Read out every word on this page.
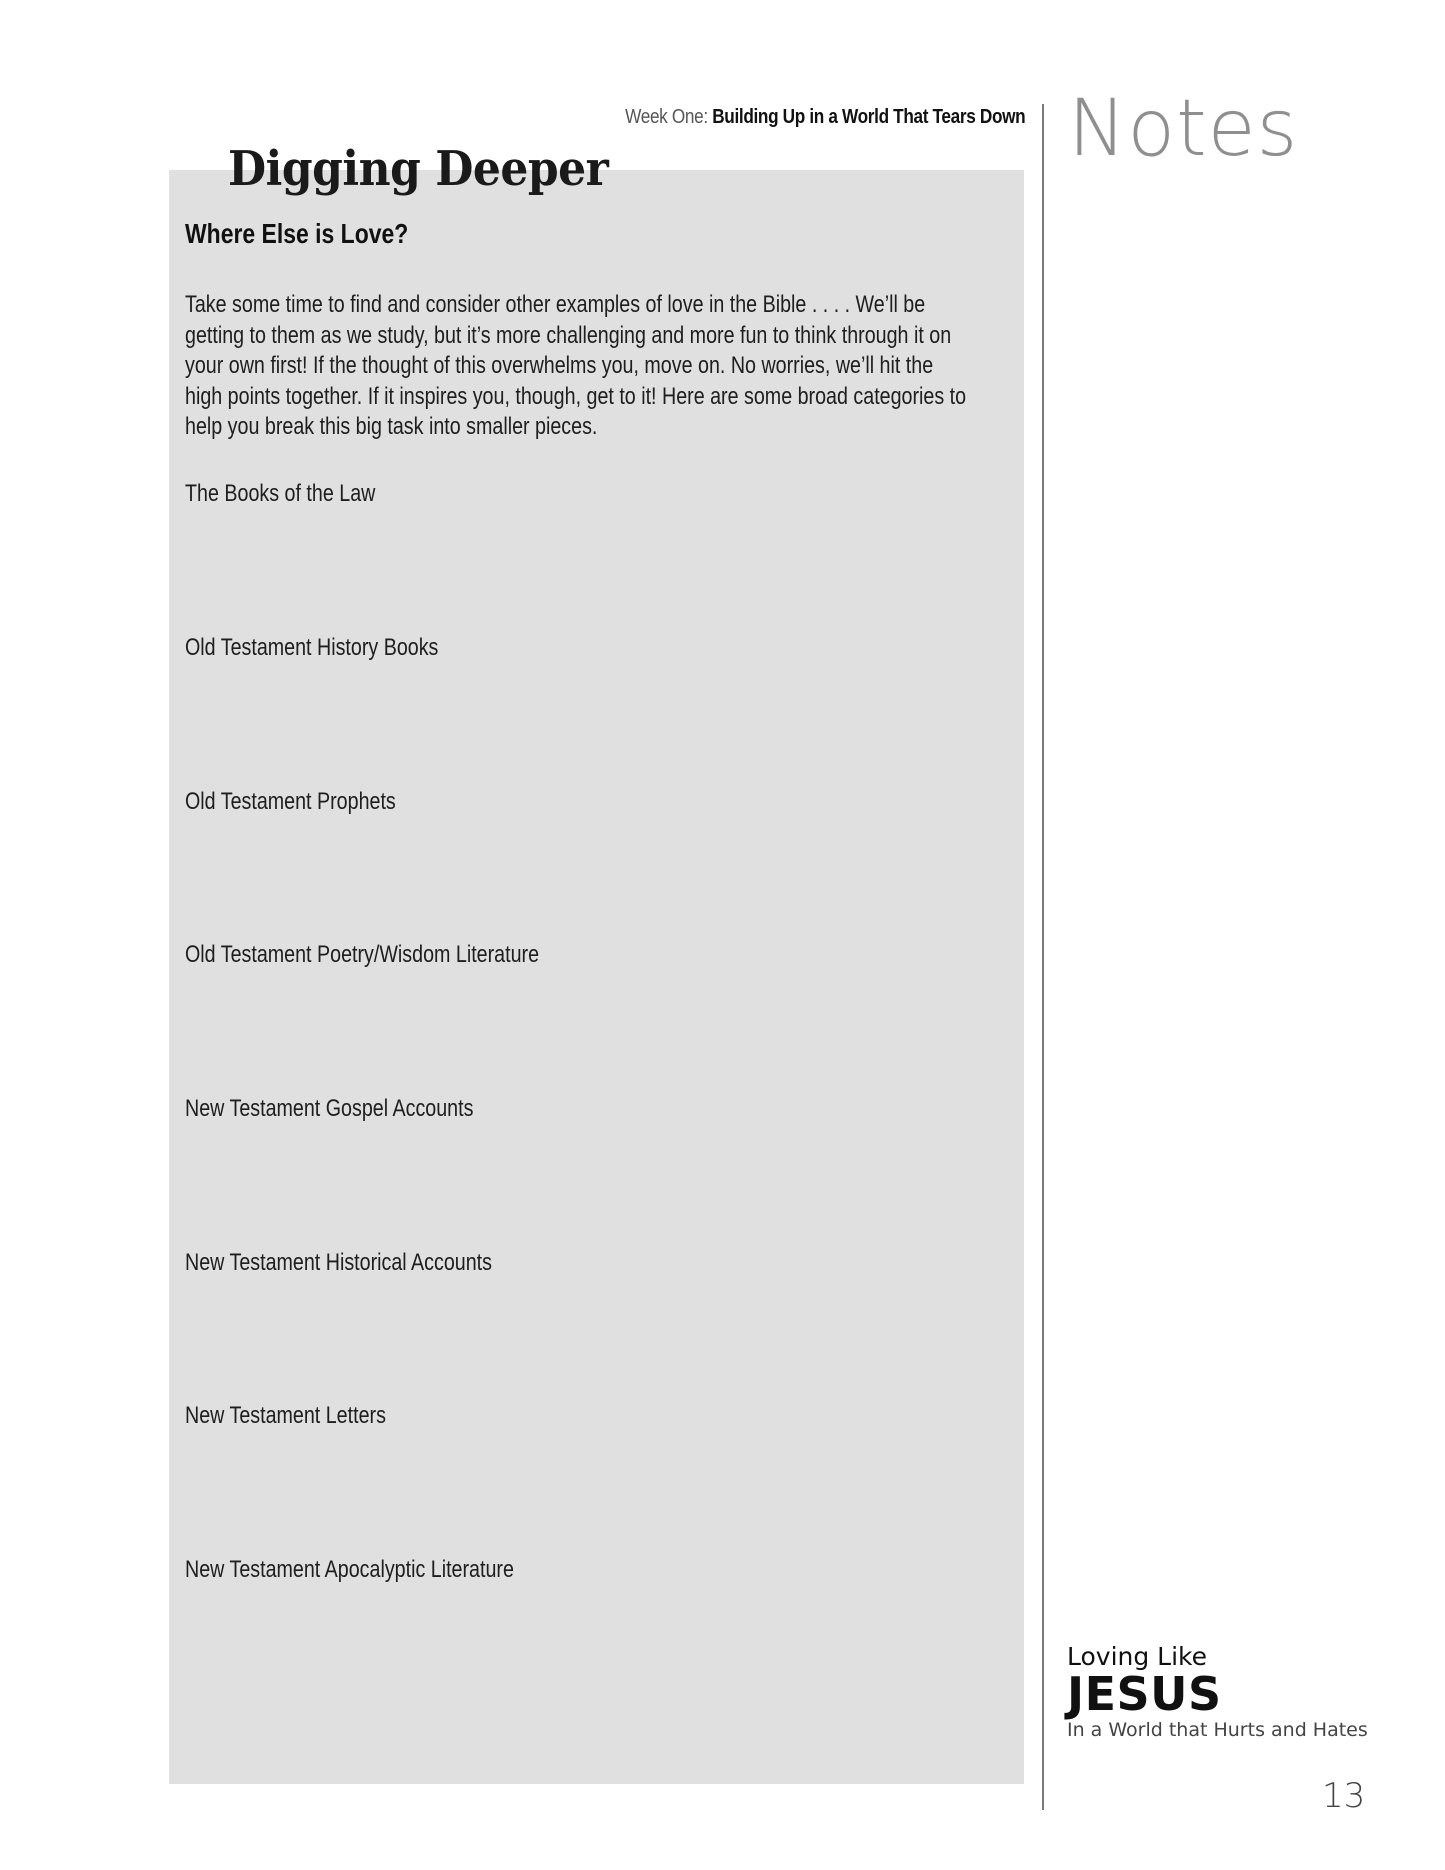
Week One: Building Up in a World That Tears Down Notes
Digging Deeper
Where Else is Love?

Take some time to find and consider other examples of love in the Bible . . . . We’ll be
getting to them as we study, but it’s more challenging and more fun to think through it on
your own first! If the thought of this overwhelms you, move on. No worries, we’ll hit the
high points together. If it inspires you, though, get to it! Here are some broad categories to
help you break this big task into smaller pieces.

The Books of the Law
Old Testament History Books
Old Testament Prophets
Old Testament Poetry/Wisdom Literature
New Testament Gospel Accounts
New Testament Historical Accounts
New Testament Letters
New Testament Apocalyptic Literature
Loving Like
JESUS
In a World that Hurts and Hates
13
